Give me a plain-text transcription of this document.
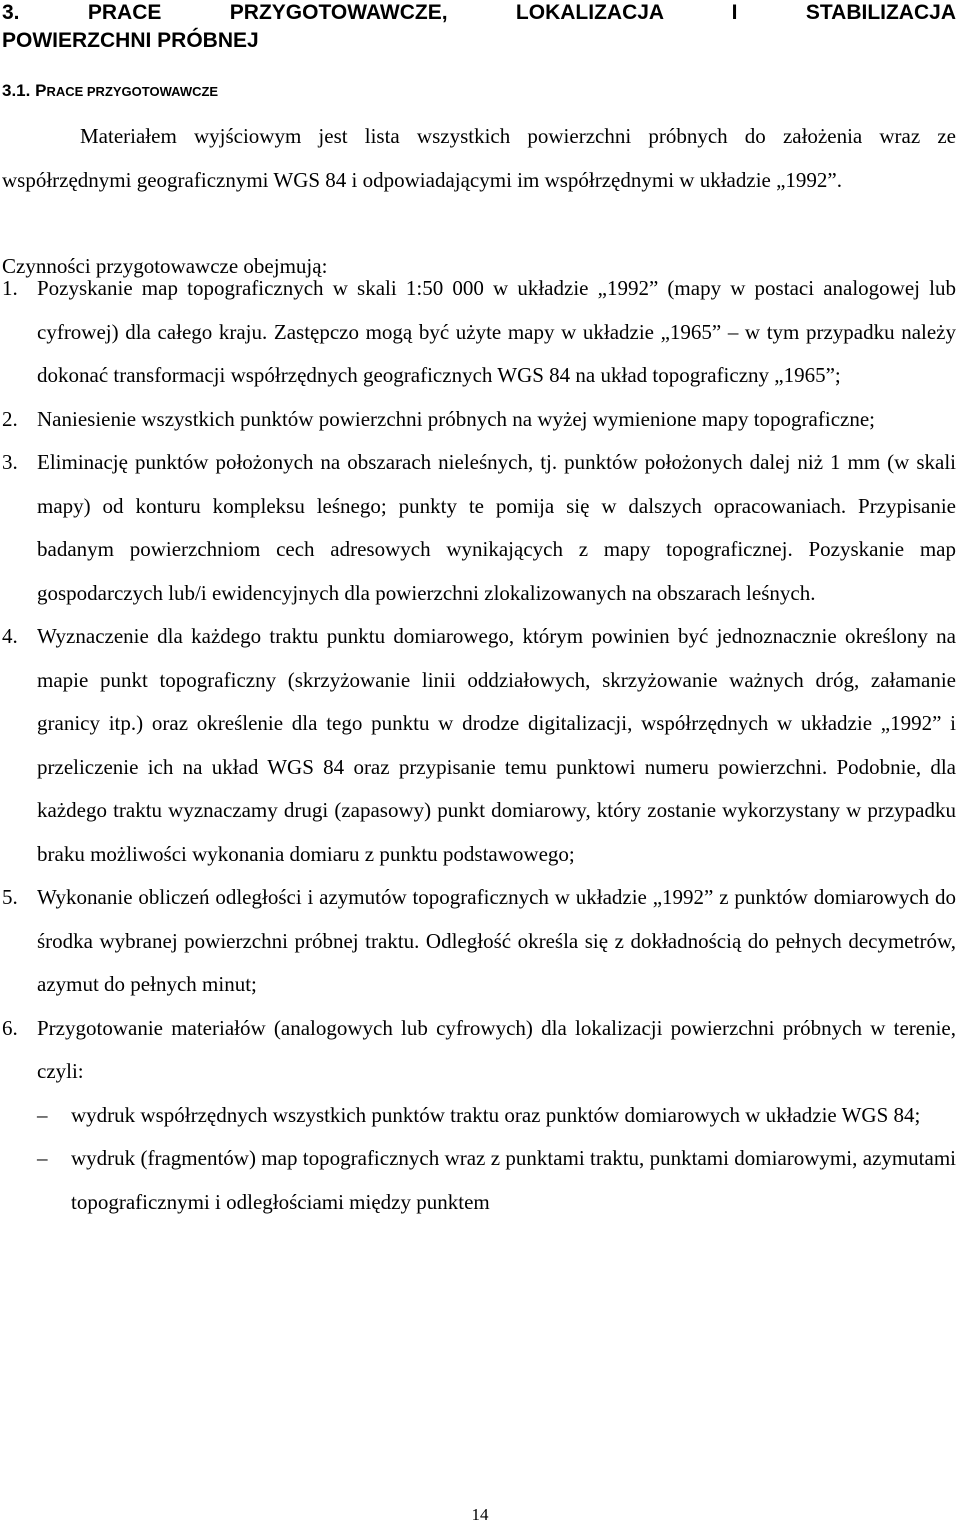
3. PRACE PRZYGOTOWAWCZE, LOKALIZACJA I STABILIZACJA
POWIERZCHNI PRÓBNEJ
3.1. PRACE PRZYGOTOWAWCZE

Materiałem wyjściowym jest lista wszystkich powierzchni próbnych do założenia wraz ze współrzędnymi geograficznymi WGS 84 i odpowiadającymi im współrzędnymi w układzie „1992”.

Czynności przygotowawcze obejmują:

1. Pozyskanie map topograficznych w skali 1:50 000 w układzie „1992” (mapy w postaci analogowej lub cyfrowej) dla całego kraju. Zastępczo mogą być użyte mapy w układzie „1965” – w tym przypadku należy dokonać transformacji współrzędnych geograficznych WGS 84 na układ topograficzny „1965”;
2. Naniesienie wszystkich punktów powierzchni próbnych na wyżej wymienione mapy topograficzne;
3. Eliminację punktów położonych na obszarach nieleśnych, tj. punktów położonych dalej niż 1 mm (w skali mapy) od konturu kompleksu leśnego; punkty te pomija się w dalszych opracowaniach. Przypisanie badanym powierzchniom cech adresowych wynikających z mapy topograficznej. Pozyskanie map gospodarczych lub/i ewidencyjnych dla powierzchni zlokalizowanych na obszarach leśnych.
4. Wyznaczenie dla każdego traktu punktu domiarowego, którym powinien być jednoznacznie określony na mapie punkt topograficzny (skrzyżowanie linii oddziałowych, skrzyżowanie ważnych dróg, załamanie granicy itp.) oraz określenie dla tego punktu w drodze digitalizacji, współrzędnych w układzie „1992” i przeliczenie ich na układ WGS 84 oraz przypisanie temu punktowi numeru powierzchni. Podobnie, dla każdego traktu wyznaczamy drugi (zapasowy) punkt domiarowy, który zostanie wykorzystany w przypadku braku możliwości wykonania domiaru z punktu podstawowego;
5. Wykonanie obliczeń odległości i azymutów topograficznych w układzie „1992” z punktów domiarowych do środka wybranej powierzchni próbnej traktu. Odległość określa się z dokładnością do pełnych decymetrów, azymut do pełnych minut;
6. Przygotowanie materiałów (analogowych lub cyfrowych) dla lokalizacji powierzchni próbnych w terenie, czyli:
– wydruk współrzędnych wszystkich punktów traktu oraz punktów domiarowych w układzie WGS 84;
– wydruk (fragmentów) map topograficznych wraz z punktami traktu, punktami domiarowymi, azymutami topograficznymi i odległościami między punktem

14
